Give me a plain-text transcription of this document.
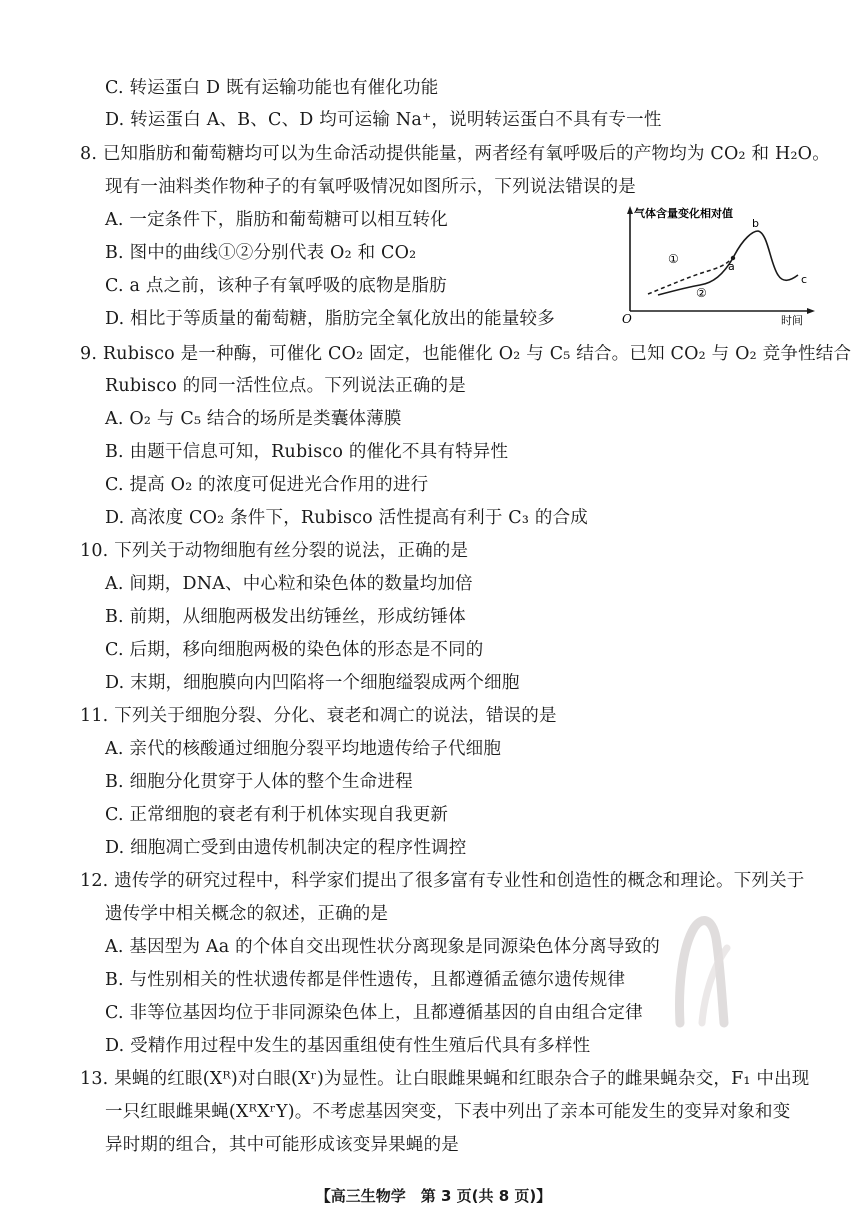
C. 转运蛋白 D 既有运输功能也有催化功能
D. 转运蛋白 A、B、C、D 均可运输 Na⁺，说明转运蛋白不具有专一性
8. 已知脂肪和葡萄糖均可以为生命活动提供能量，两者经有氧呼吸后的产物均为 CO₂ 和 H₂O。
现有一油料类作物种子的有氧呼吸情况如图所示，下列说法错误的是
A. 一定条件下，脂肪和葡萄糖可以相互转化
B. 图中的曲线①②分别代表 O₂ 和 CO₂
C. a 点之前，该种子有氧呼吸的底物是脂肪
D. 相比于等质量的葡萄糖，脂肪完全氧化放出的能量较多	O
气体含量变化相对值
时间
①
②
a
b
c
9. Rubisco 是一种酶，可催化 CO₂ 固定，也能催化 O₂ 与 C₅ 结合。已知 CO₂ 与 O₂ 竞争性结合
Rubisco 的同一活性位点。下列说法正确的是
A. O₂ 与 C₅ 结合的场所是类囊体薄膜
B. 由题干信息可知，Rubisco 的催化不具有特异性
C. 提高 O₂ 的浓度可促进光合作用的进行
D. 高浓度 CO₂ 条件下，Rubisco 活性提高有利于 C₃ 的合成
10. 下列关于动物细胞有丝分裂的说法，正确的是
A. 间期，DNA、中心粒和染色体的数量均加倍
B. 前期，从细胞两极发出纺锤丝，形成纺锤体
C. 后期，移向细胞两极的染色体的形态是不同的
D. 末期，细胞膜向内凹陷将一个细胞缢裂成两个细胞
11. 下列关于细胞分裂、分化、衰老和凋亡的说法，错误的是
A. 亲代的核酸通过细胞分裂平均地遗传给子代细胞
B. 细胞分化贯穿于人体的整个生命进程
C. 正常细胞的衰老有利于机体实现自我更新
D. 细胞凋亡受到由遗传机制决定的程序性调控
12. 遗传学的研究过程中，科学家们提出了很多富有专业性和创造性的概念和理论。下列关于
遗传学中相关概念的叙述，正确的是
A. 基因型为 Aa 的个体自交出现性状分离现象是同源染色体分离导致的
B. 与性别相关的性状遗传都是伴性遗传，且都遵循孟德尔遗传规律
C. 非等位基因均位于非同源染色体上，且都遵循基因的自由组合定律
D. 受精作用过程中发生的基因重组使有性生殖后代具有多样性
13. 果蝇的红眼(Xᴿ)对白眼(Xʳ)为显性。让白眼雌果蝇和红眼杂合子的雌果蝇杂交，F₁ 中出现
一只红眼雌果蝇(XᴿXʳY)。不考虑基因突变，下表中列出了亲本可能发生的变异对象和变
异时期的组合，其中可能形成该变异果蝇的是
【高三生物学　第 3 页(共 8 页)】
